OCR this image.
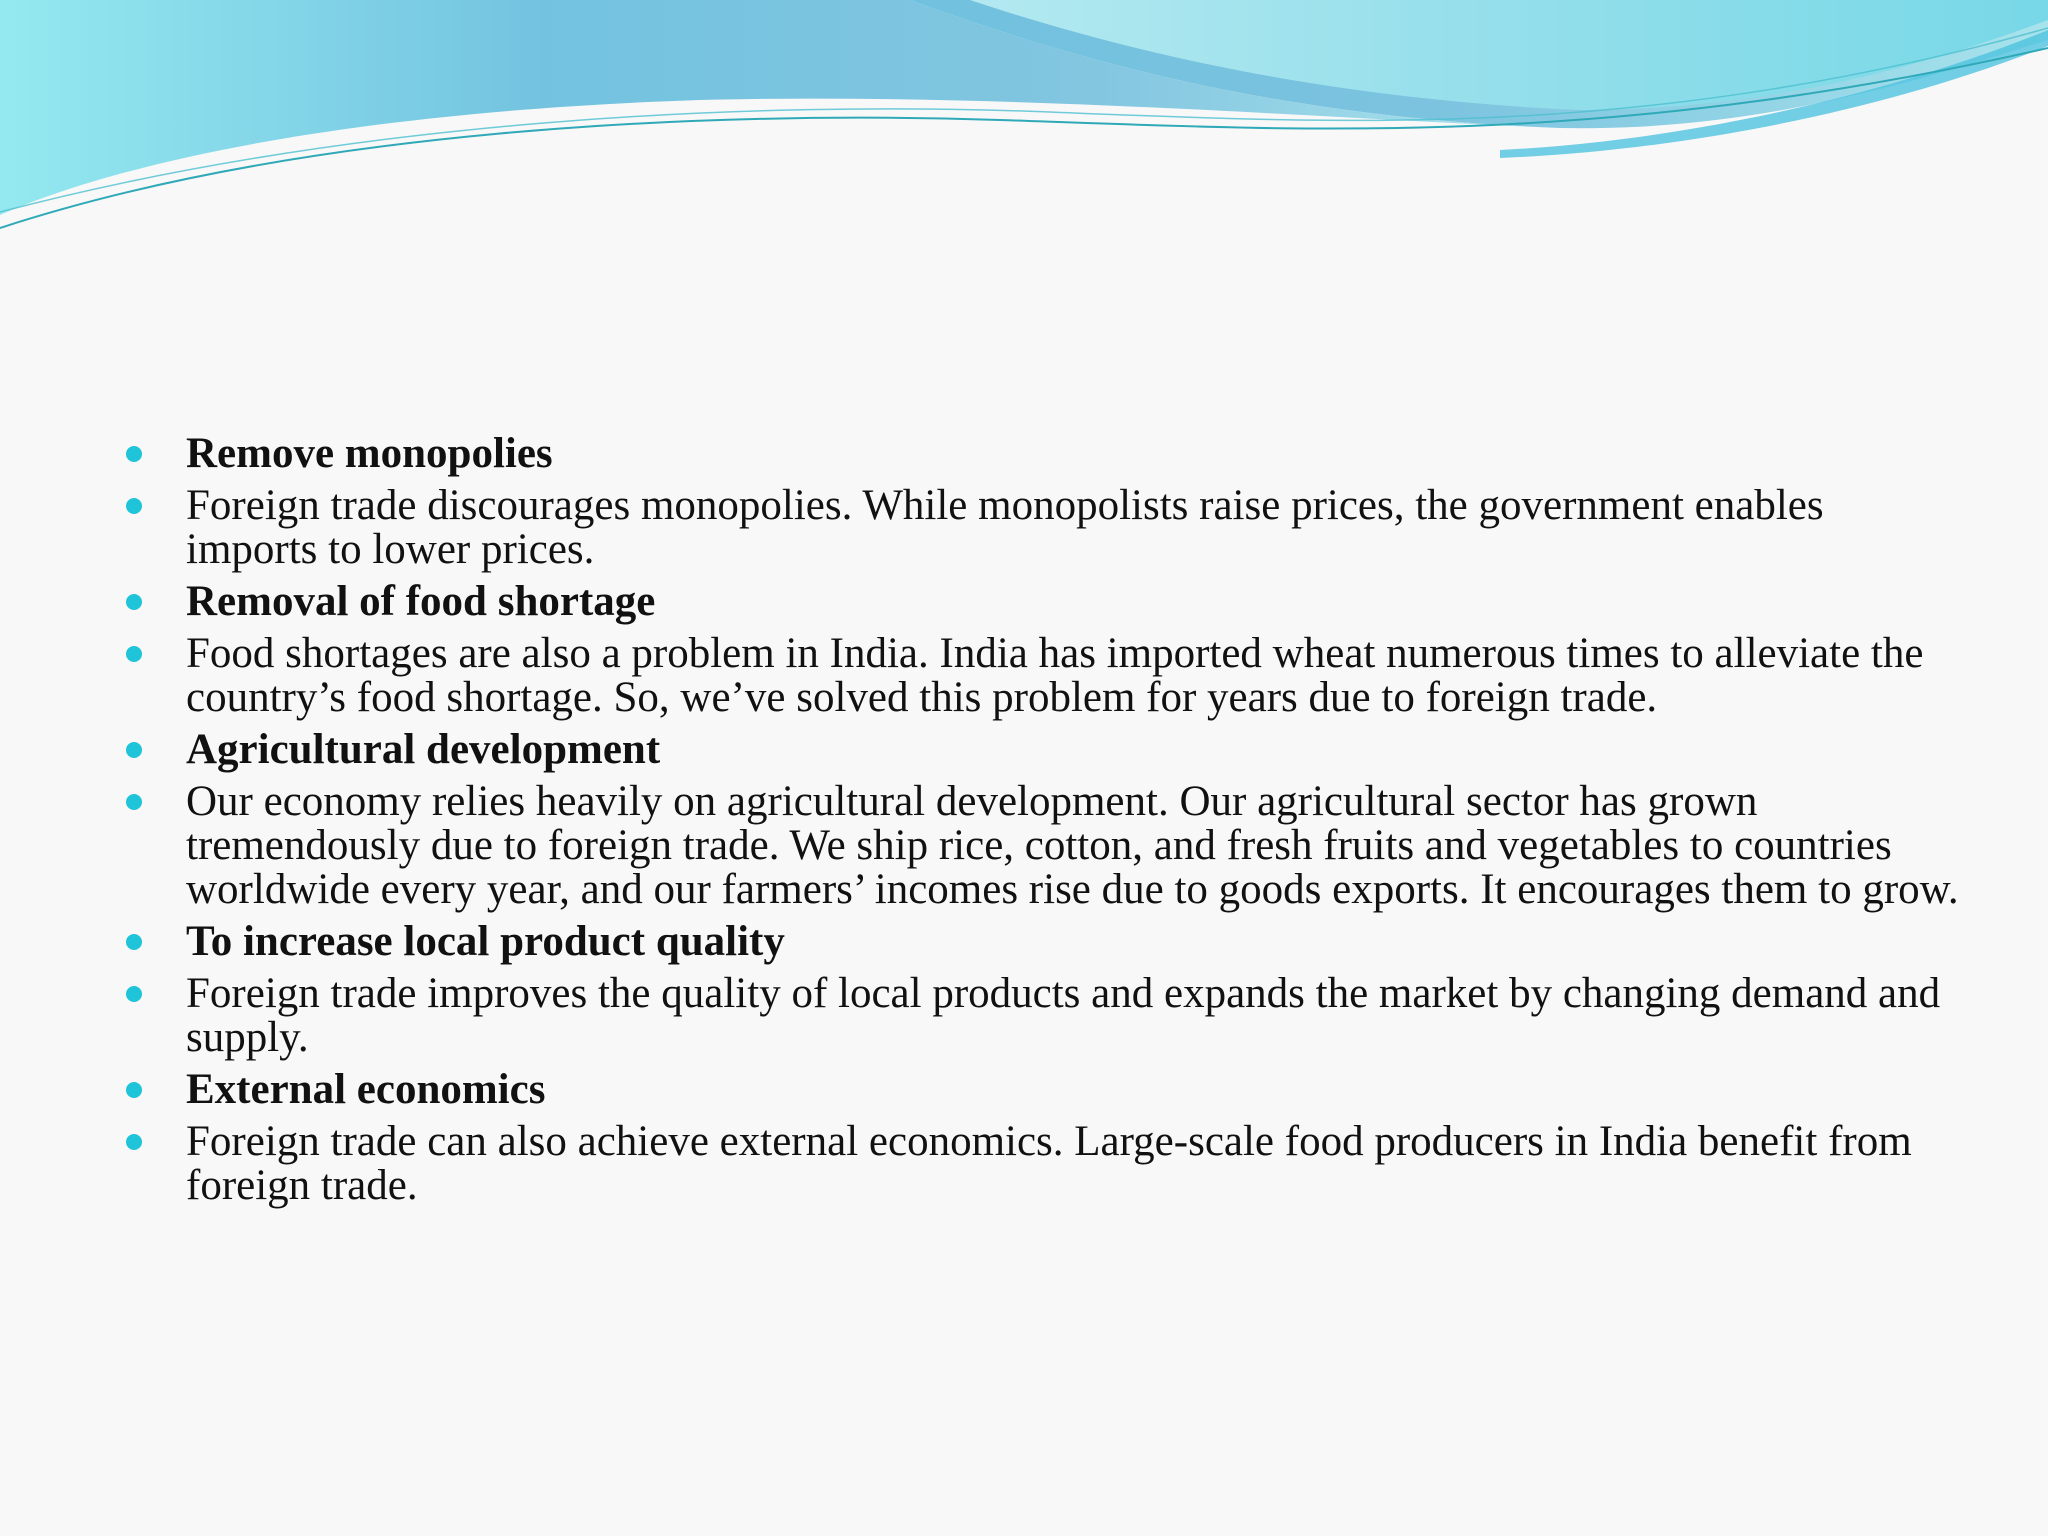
Remove monopolies
Foreign trade discourages monopolies. While monopolists raise prices, the government enables imports to lower prices.
Removal of food shortage
Food shortages are also a problem in India. India has imported wheat numerous times to alleviate the country’s food shortage. So, we’ve solved this problem for years due to foreign trade.
Agricultural development
Our economy relies heavily on agricultural development. Our agricultural sector has grown tremendously due to foreign trade. We ship rice, cotton, and fresh fruits and vegetables to countries worldwide every year, and our farmers’ incomes rise due to goods exports. It encourages them to grow.
To increase local product quality
Foreign trade improves the quality of local products and expands the market by changing demand and supply.
External economics
Foreign trade can also achieve external economics. Large-scale food producers in India benefit from foreign trade.
